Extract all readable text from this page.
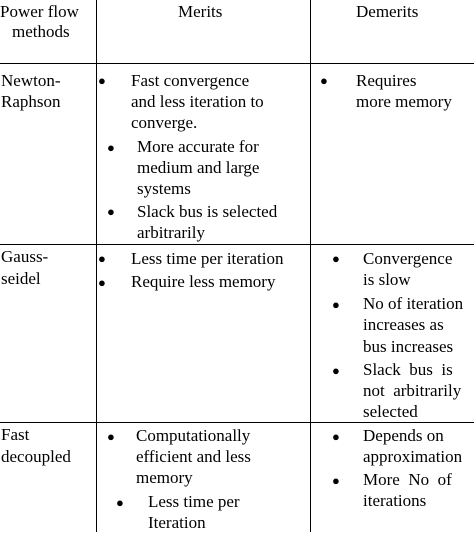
Power flow
methods
Merits	Demerits
Newton-
Raphson
● Fast convergence
and less iteration to
converge.
● More accurate for
medium and large
systems
● Slack bus is selected
arbitrarily
● Requires
more memory
Gauss-
seidel
● Less time per iteration
● Require less memory
● Convergence
is slow
● No of iteration
increases as
bus increases
● Slack  bus  is
not  arbitrarily
selected
Fast
decoupled
● Computationally
efficient and less
memory
● Less time per
Iteration
● Depends on
approximation
● More  No  of
iterations
